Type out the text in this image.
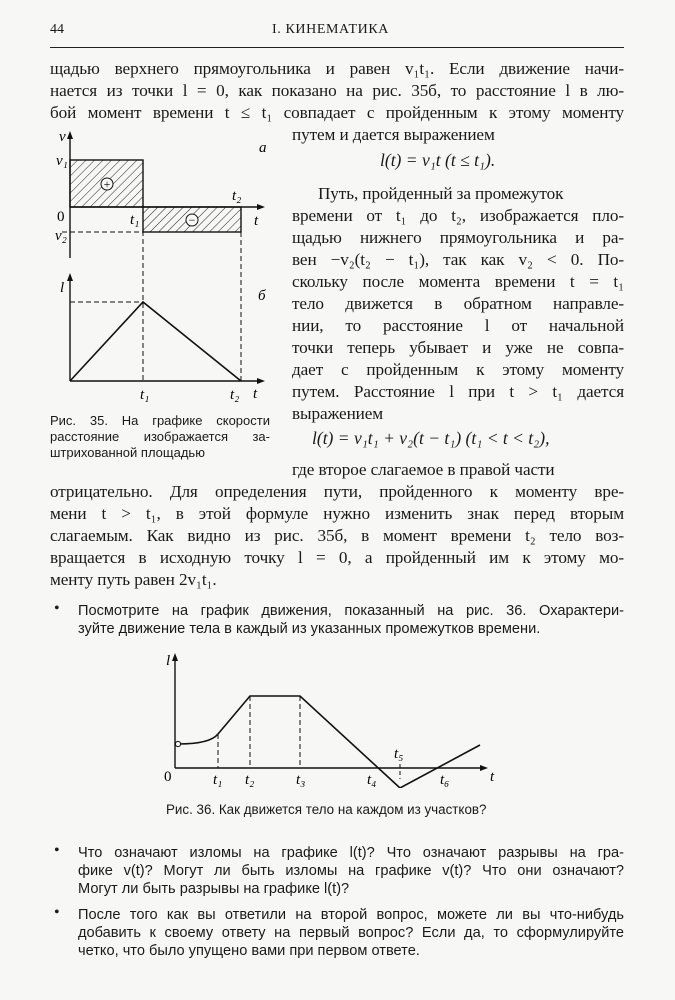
44	I. КИНЕМАТИКА
щадью верхнего прямоугольника и равен v₁t₁. Если движение начи-
нается из точки l = 0, как показано на рис. 35б, то расстояние l в лю-
бой момент времени t ≤ t₁ совпадает с пройденным к этому моменту
путем и дается выражением
l(t) = v₁t (t ≤ t₁).
Путь, пройденный за промежуток
времени от t₁ до t₂, изображается пло-
щадью нижнего прямоугольника и ра-
вен −v₂(t₂ − t₁), так как v₂ < 0. По-
скольку после момента времени t = t₁
тело движется в обратном направле-
нии, то расстояние l от начальной
точки теперь убывает и уже не совпа-
дает с пройденным к этому моменту
путем. Расстояние l при t > t₁ дается
выражением
l(t) = v₁t₁ + v₂(t − t₁) (t₁ < t < t₂),
где второе слагаемое в правой части
отрицательно. Для определения пути, пройденного к моменту вре-
мени t > t₁, в этой формуле нужно изменить знак перед вторым
слагаемым. Как видно из рис. 35б, в момент времени t₂ тело воз-
вращается в исходную точку l = 0, а пройденный им к этому мо-
менту путь равен 2v₁t₁.
+
−
v
v₁
0
v₂
t₁
t₂
t
а
l
t₁	t₂ t
б
Рис. 35. На графике скорости
расстояние изображается за-
штрихованной площадью
• Посмотрите на график движения, показанный на рис. 36. Охарактери-
зуйте движение тела в каждый из указанных промежутков времени.
l
0	t₁ t₂	t₃	t₄
t₅
t₆	t
Рис. 36. Как движется тело на каждом из участков?
• Что означают изломы на графике l(t)? Что означают разрывы на гра-
фике v(t)? Могут ли быть изломы на графике v(t)? Что они означают?
Могут ли быть разрывы на графике l(t)?
• После того как вы ответили на второй вопрос, можете ли вы что-нибудь
добавить к своему ответу на первый вопрос? Если да, то сформулируйте
четко, что было упущено вами при первом ответе.
